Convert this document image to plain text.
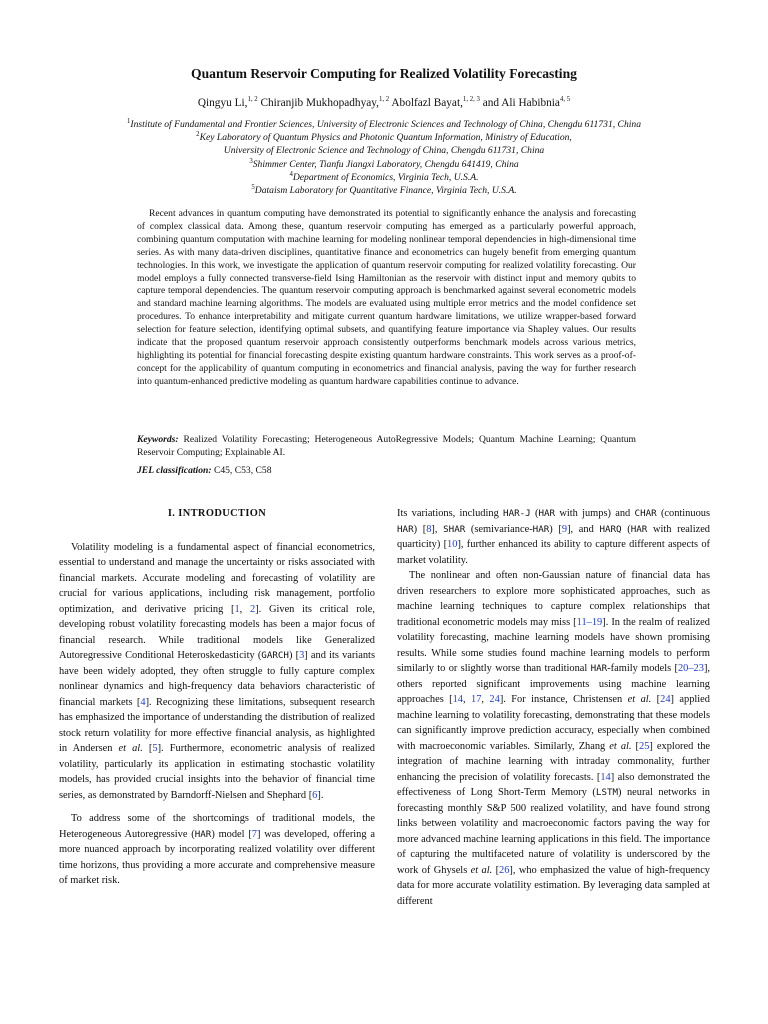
Quantum Reservoir Computing for Realized Volatility Forecasting
Qingyu Li,$^{1, 2}$ Chiranjib Mukhopadhyay,$^{1, 2}$ Abolfazl Bayat,$^{1, 2, 3}$ and Ali Habibnia$^{4, 5}$
$^1$Institute of Fundamental and Frontier Sciences, University of Electronic Sciences and Technology of China, Chengdu 611731, China
$^2$Key Laboratory of Quantum Physics and Photonic Quantum Information, Ministry of Education,
University of Electronic Science and Technology of China, Chengdu 611731, China
$^3$Shimmer Center, Tianfu Jiangxi Laboratory, Chengdu 641419, China
$^4$Department of Economics, Virginia Tech, U.S.A.
$^5$Dataism Laboratory for Quantitative Finance, Virginia Tech, U.S.A.
Recent advances in quantum computing have demonstrated its potential to significantly enhance the analysis and forecasting of complex classical data. Among these, quantum reservoir computing has emerged as a particularly powerful approach, combining quantum computation with machine learning for modeling nonlinear temporal dependencies in high-dimensional time series. As with many data-driven disciplines, quantitative finance and econometrics can hugely benefit from emerging quantum technologies. In this work, we investigate the application of quantum reservoir computing for realized volatility forecasting. Our model employs a fully connected transverse-field Ising Hamiltonian as the reservoir with distinct input and memory qubits to capture temporal dependencies. The quantum reservoir computing approach is benchmarked against several econometric models and standard machine learning algorithms. The models are evaluated using multiple error metrics and the model confidence set procedures. To enhance interpretability and mitigate current quantum hardware limitations, we utilize wrapper-based forward selection for feature selection, identifying optimal subsets, and quantifying feature importance via Shapley values. Our results indicate that the proposed quantum reservoir approach consistently outperforms benchmark models across various metrics, highlighting its potential for financial forecasting despite existing quantum hardware constraints. This work serves as a proof-of-concept for the applicability of quantum computing in econometrics and financial analysis, paving the way for further research into quantum-enhanced predictive modeling as quantum hardware capabilities continue to advance.
Keywords: Realized Volatility Forecasting; Heterogeneous AutoRegressive Models; Quantum Machine Learning; Quantum Reservoir Computing; Explainable AI.
JEL classification: C45, C53, C58
I. INTRODUCTION

Volatility modeling is a fundamental aspect of financial econometrics, essential to understand and manage the uncertainty or risks associated with financial markets. Accurate modeling and forecasting of volatility are crucial for various applications, including risk management, portfolio optimization, and derivative pricing [1, 2]. Given its critical role, developing robust volatility forecasting models has been a major focus of financial research. While traditional models like Generalized Autoregressive Conditional Heteroskedasticity (GARCH) [3] and its variants have been widely adopted, they often struggle to fully capture complex nonlinear dynamics and high-frequency data behaviors characteristic of financial markets [4]. Recognizing these limitations, subsequent research has emphasized the importance of understanding the distribution of realized stock return volatility for more effective financial analysis, as highlighted in Andersen et al. [5]. Furthermore, econometric analysis of realized volatility, particularly its application in estimating stochastic volatility models, has provided crucial insights into the behavior of financial time series, as demonstrated by Barndorff-Nielsen and Shephard [6].

To address some of the shortcomings of traditional models, the Heterogeneous Autoregressive (HAR) model [7] was developed, offering a more nuanced approach by incorporating realized volatility over different time horizons, thus providing a more accurate and comprehensive measure of market risk.

Its variations, including HAR-J (HAR with jumps) and CHAR (continuous HAR) [8], SHAR (semivariance-HAR) [9], and HARQ (HAR with realized quarticity) [10], further enhanced its ability to capture different aspects of market volatility.

The nonlinear and often non-Gaussian nature of financial data has driven researchers to explore more sophisticated approaches, such as machine learning techniques to capture complex relationships that traditional econometric models may miss [11–19]. In the realm of realized volatility forecasting, machine learning models have shown promising results. While some studies found machine learning models to perform similarly to or slightly worse than traditional HAR-family models [20–23], others reported significant improvements using machine learning approaches [14, 17, 24]. For instance, Christensen et al. [24] applied machine learning to volatility forecasting, demonstrating that these models can significantly improve prediction accuracy, especially when combined with macroeconomic variables. Similarly, Zhang et al. [25] explored the integration of machine learning with intraday commonality, further enhancing the precision of volatility forecasts. [14] also demonstrated the effectiveness of Long Short-Term Memory (LSTM) neural networks in forecasting monthly S&P 500 realized volatility, and have found strong links between volatility and macroeconomic factors paving the way for more advanced machine learning applications in this field. The importance of capturing the multifaceted nature of volatility is underscored by the work of Ghysels et al. [26], who emphasized the value of high-frequency data for more accurate volatility estimation. By leveraging data sampled at different
